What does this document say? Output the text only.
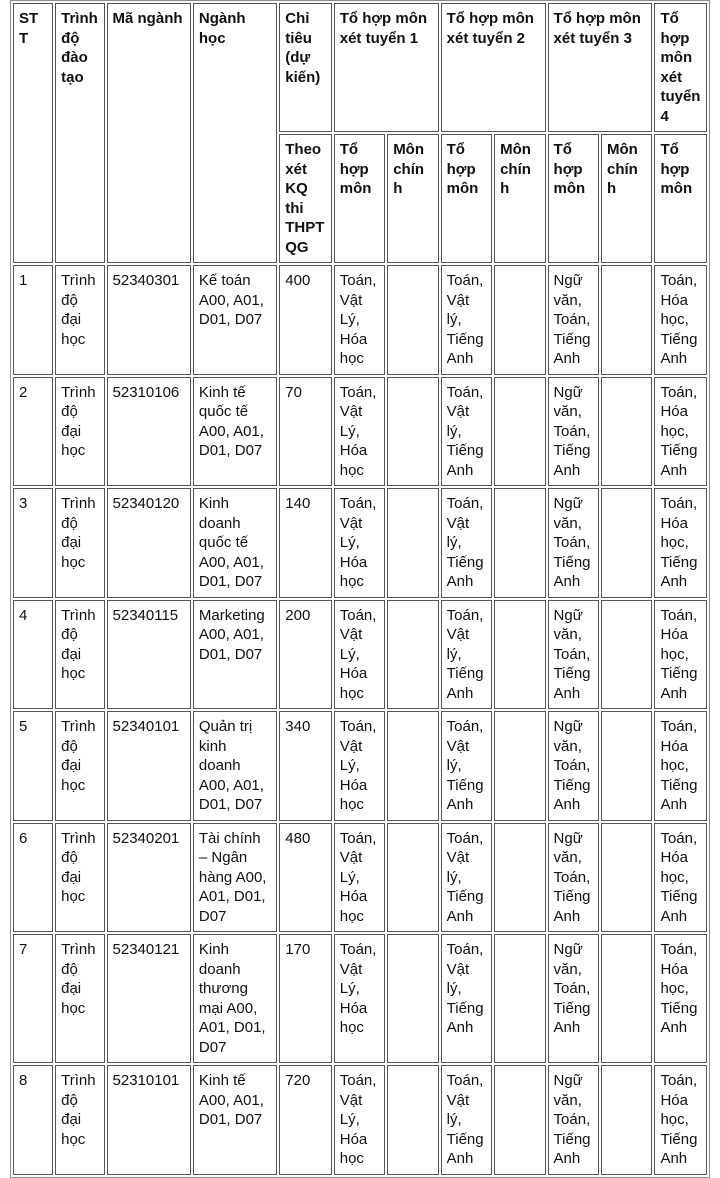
STT	Trình độ đào tạo	Mã ngành	Ngành học	Chỉ tiêu (dự kiến)	Tổ hợp môn xét tuyển 1		Tổ hợp môn xét tuyển 2		Tổ hợp môn xét tuyển 3		Tổ hợp môn xét tuyển 4
				Theo xét KQ thi THPT QG	Tổ hợp môn	Môn chính	Tổ hợp môn	Môn chính	Tổ hợp môn	Môn chính	Tổ hợp môn
1	Trình độ đại học	52340301	Kế toán A00, A01, D01, D07	400	Toán, Vật Lý, Hóa học		Toán, Vật lý, Tiếng Anh		Ngữ văn, Toán, Tiếng Anh		Toán, Hóa học, Tiếng Anh
2	Trình độ đại học	52310106	Kinh tế quốc tế A00, A01, D01, D07	70	Toán, Vật Lý, Hóa học		Toán, Vật lý, Tiếng Anh		Ngữ văn, Toán, Tiếng Anh		Toán, Hóa học, Tiếng Anh
3	Trình độ đại học	52340120	Kinh doanh quốc tế A00, A01, D01, D07	140	Toán, Vật Lý, Hóa học		Toán, Vật lý, Tiếng Anh		Ngữ văn, Toán, Tiếng Anh		Toán, Hóa học, Tiếng Anh
4	Trình độ đại học	52340115	Marketing A00, A01, D01, D07	200	Toán, Vật Lý, Hóa học		Toán, Vật lý, Tiếng Anh		Ngữ văn, Toán, Tiếng Anh		Toán, Hóa học, Tiếng Anh
5	Trình độ đại học	52340101	Quản trị kinh doanh A00, A01, D01, D07	340	Toán, Vật Lý, Hóa học		Toán, Vật lý, Tiếng Anh		Ngữ văn, Toán, Tiếng Anh		Toán, Hóa học, Tiếng Anh
6	Trình độ đại học	52340201	Tài chính – Ngân hàng A00, A01, D01, D07	480	Toán, Vật Lý, Hóa học		Toán, Vật lý, Tiếng Anh		Ngữ văn, Toán, Tiếng Anh		Toán, Hóa học, Tiếng Anh
7	Trình độ đại học	52340121	Kinh doanh thương mại A00, A01, D01, D07	170	Toán, Vật Lý, Hóa học		Toán, Vật lý, Tiếng Anh		Ngữ văn, Toán, Tiếng Anh		Toán, Hóa học, Tiếng Anh
8	Trình độ đại học	52310101	Kinh tế A00, A01, D01, D07	720	Toán, Vật Lý, Hóa học		Toán, Vật lý, Tiếng Anh		Ngữ văn, Toán, Tiếng Anh		Toán, Hóa học, Tiếng Anh
